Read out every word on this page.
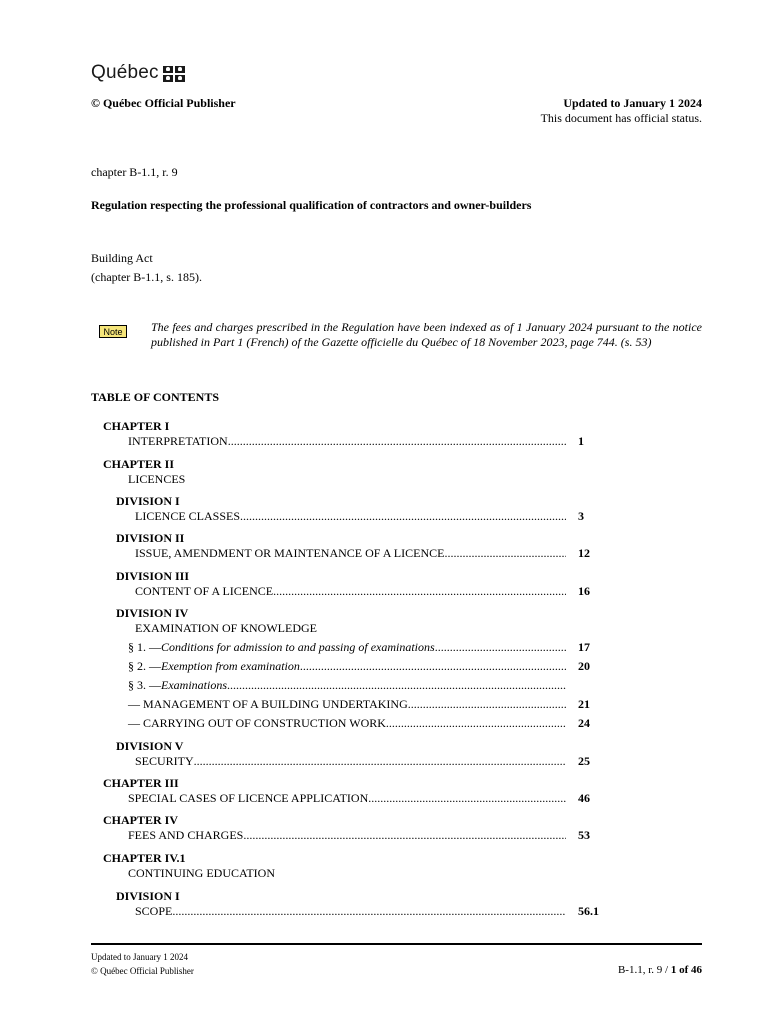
Québec
© Québec Official Publisher	Updated to January 1 2024
This document has official status.
chapter B-1.1, r. 9
Regulation respecting the professional qualification of contractors and owner-builders
Building Act
(chapter B-1.1, s. 185).
Note	The fees and charges prescribed in the Regulation have been indexed as of 1 January 2024 pursuant to the notice published in Part 1 (French) of the Gazette officielle du Québec of 18 November 2023, page 744. (s. 53)
TABLE OF CONTENTS
CHAPTER I
INTERPRETATION .....	1
CHAPTER II
LICENCES
DIVISION I
LICENCE CLASSES .....	3
DIVISION II
ISSUE, AMENDMENT OR MAINTENANCE OF A LICENCE .....	12
DIVISION III
CONTENT OF A LICENCE .....	16
DIVISION IV
EXAMINATION OF KNOWLEDGE
§ 1. — Conditions for admission to and passing of examinations .....	17
§ 2. — Exemption from examination .....	20
§ 3. — Examinations
.....
— MANAGEMENT OF A BUILDING UNDERTAKING .....	21
— CARRYING OUT OF CONSTRUCTION WORK .....	24
DIVISION V
SECURITY .....	25
CHAPTER III
SPECIAL CASES OF LICENCE APPLICATION .....	46
CHAPTER IV
FEES AND CHARGES .....	53
CHAPTER IV.1
CONTINUING EDUCATION
DIVISION I
SCOPE .....	56.1
Updated to January 1 2024
© Québec Official Publisher	B-1.1, r. 9 / 1 of 46
